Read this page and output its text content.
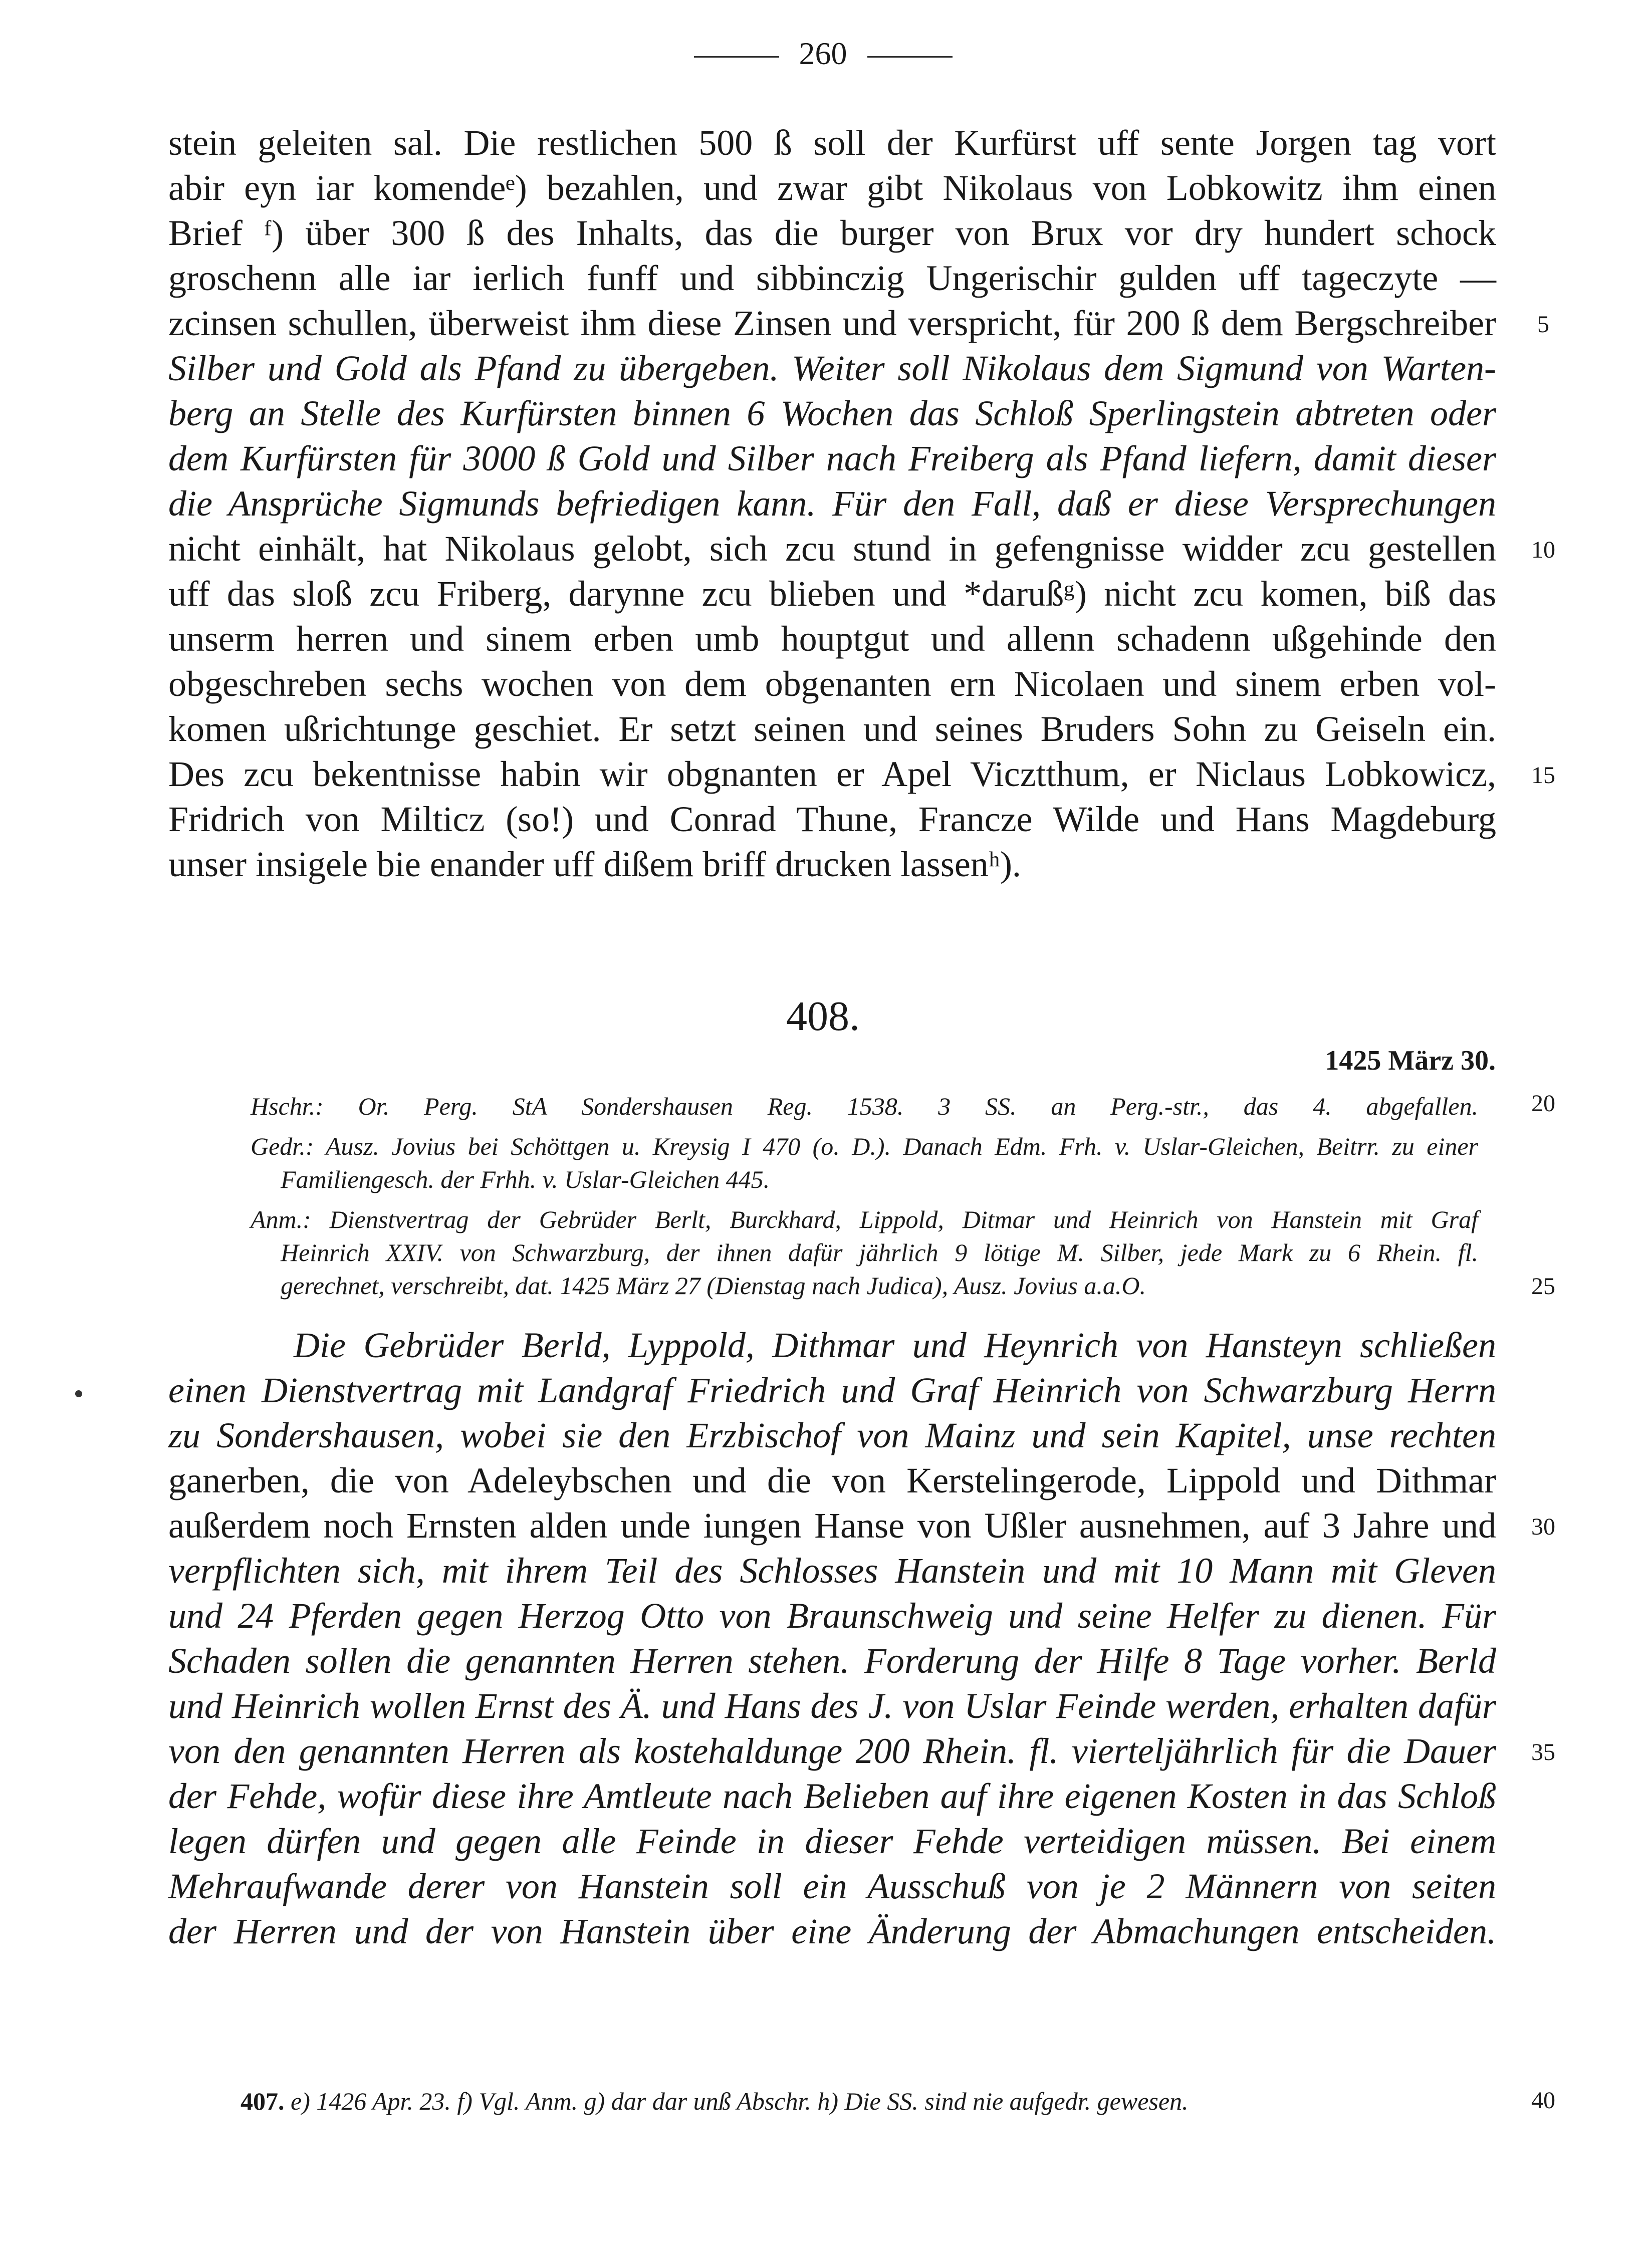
260
stein geleiten sal. Die restlichen 500 ß soll der Kurfürst uff sente Jorgen tag vort
abir eyn iar komendeᵉ) bezahlen, und zwar gibt Nikolaus von Lobkowitz ihm einen
Brief ᶠ) über 300 ß des Inhalts, das die burger von Brux vor dry hundert schock
groschenn alle iar ierlich funff und sibbinczig Ungerischir gulden uff tageczyte —
zcinsen schullen, überweist ihm diese Zinsen und verspricht, für 200 ß dem Bergschreiber
Silber und Gold als Pfand zu übergeben. Weiter soll Nikolaus dem Sigmund von Warten-
berg an Stelle des Kurfürsten binnen 6 Wochen das Schloß Sperlingstein abtreten oder
dem Kurfürsten für 3000 ß Gold und Silber nach Freiberg als Pfand liefern, damit dieser
die Ansprüche Sigmunds befriedigen kann. Für den Fall, daß er diese Versprechungen
nicht einhält, hat Nikolaus gelobt, sich zcu stund in gefengnisse widder zcu gestellen
uff das sloß zcu Friberg, darynne zcu blieben und *darußᵍ) nicht zcu komen, biß das
unserm herren und sinem erben umb houptgut und allenn schadenn ußgehinde den
obgeschreben sechs wochen von dem obgenanten ern Nicolaen und sinem erben vol-
komen ußrichtunge geschiet. Er setzt seinen und seines Bruders Sohn zu Geiseln ein.
Des zcu bekentnisse habin wir obgnanten er Apel Vicztthum, er Niclaus Lobkowicz,
Fridrich von Milticz (so!) und Conrad Thune, Francze Wilde und Hans Magdeburg
unser insigele bie enander uff dißem briff drucken lassenʰ).
5
10
15
408.
1425 März 30.
Hschr.: Or. Perg. StA Sondershausen Reg. 1538. 3 SS. an Perg.-str., das 4. abgefallen.
Gedr.: Ausz. Jovius bei Schöttgen u. Kreysig I 470 (o. D.). Danach Edm. Frh. v. Uslar-Gleichen, Beitrr. zu einer
Familiengesch. der Frhh. v. Uslar-Gleichen 445.
Anm.: Dienstvertrag der Gebrüder Berlt, Burckhard, Lippold, Ditmar und Heinrich von Hanstein mit Graf
Heinrich XXIV. von Schwarzburg, der ihnen dafür jährlich 9 lötige M. Silber, jede Mark zu 6 Rhein. fl.
gerechnet, verschreibt, dat. 1425 März 27 (Dienstag nach Judica), Ausz. Jovius a.a.O.
20
25
Die Gebrüder Berld, Lyppold, Dithmar und Heynrich von Hansteyn schließen
einen Dienstvertrag mit Landgraf Friedrich und Graf Heinrich von Schwarzburg Herrn
zu Sondershausen, wobei sie den Erzbischof von Mainz und sein Kapitel, unse rechten
ganerben, die von Adeleybschen und die von Kerstelingerode, Lippold und Dithmar
außerdem noch Ernsten alden unde iungen Hanse von Ußler ausnehmen, auf 3 Jahre und
verpflichten sich, mit ihrem Teil des Schlosses Hanstein und mit 10 Mann mit Gleven
und 24 Pferden gegen Herzog Otto von Braunschweig und seine Helfer zu dienen. Für
Schaden sollen die genannten Herren stehen. Forderung der Hilfe 8 Tage vorher. Berld
und Heinrich wollen Ernst des Ä. und Hans des J. von Uslar Feinde werden, erhalten dafür
von den genannten Herren als kostehaldunge 200 Rhein. fl. vierteljährlich für die Dauer
der Fehde, wofür diese ihre Amtleute nach Belieben auf ihre eigenen Kosten in das Schloß
legen dürfen und gegen alle Feinde in dieser Fehde verteidigen müssen. Bei einem
Mehraufwande derer von Hanstein soll ein Ausschuß von je 2 Männern von seiten
der Herren und der von Hanstein über eine Änderung der Abmachungen entscheiden.
30
35
407. e) 1426 Apr. 23. f) Vgl. Anm. g) dar dar unß Abschr. h) Die SS. sind nie aufgedr. gewesen.	40
